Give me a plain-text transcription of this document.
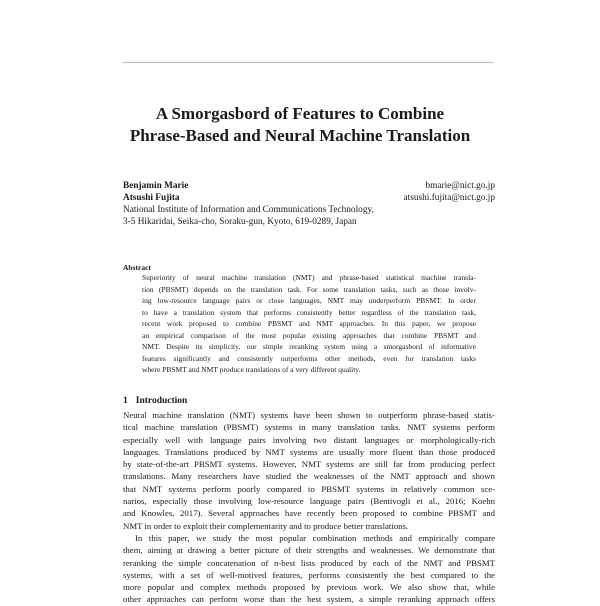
A Smorgasbord of Features to Combine
Phrase-Based and Neural Machine Translation
Benjamin Marie	bmarie@nict.go.jp
Atsushi Fujita	atsushi.fujita@nict.go.jp
National Institute of Information and Communications Technology,
3-5 Hikaridai, Seika-cho, Soraku-gun, Kyoto, 619-0289, Japan
Abstract
Superiority of neural machine translation (NMT) and phrase-based statistical machine transla-
tion (PBSMT) depends on the translation task. For some translation tasks, such as those involv-
ing low-resource language pairs or close languages, NMT may underperform PBSMT. In order
to have a translation system that performs consistently better regardless of the translation task,
recent work proposed to combine PBSMT and NMT approaches. In this paper, we propose
an empirical comparison of the most popular existing approaches that combine PBSMT and
NMT. Despite its simplicity, our simple reranking system using a smorgasbord of informative
features significantly and consistently outperforms other methods, even for translation tasks
where PBSMT and NMT produce translations of a very different quality.
1 Introduction
Neural machine translation (NMT) systems have been shown to outperform phrase-based statis-
tical machine translation (PBSMT) systems in many translation tasks. NMT systems perform
especially well with language pairs involving two distant languages or morphologically-rich
languages. Translations produced by NMT systems are usually more fluent than those produced
by state-of-the-art PBSMT systems. However, NMT systems are still far from producing perfect
translations. Many researchers have studied the weaknesses of the NMT approach and shown
that NMT systems perform poorly compared to PBSMT systems in relatively common sce-
narios, especially those involving low-resource language pairs (Bentivogli et al., 2016; Koehn
and Knowles, 2017). Several approaches have recently been proposed to combine PBSMT and
NMT in order to exploit their complementarity and to produce better translations.
In this paper, we study the most popular combination methods and empirically compare
them, aiming at drawing a better picture of their strengths and weaknesses. We demonstrate that
reranking the simple concatenation of n-best lists produced by each of the NMT and PBSMT
systems, with a set of well-motived features, performs consistently the best compared to the
more popular and complex methods proposed by previous work. We also show that, while
other approaches can perform worse than the best system, a simple reranking approach offers
